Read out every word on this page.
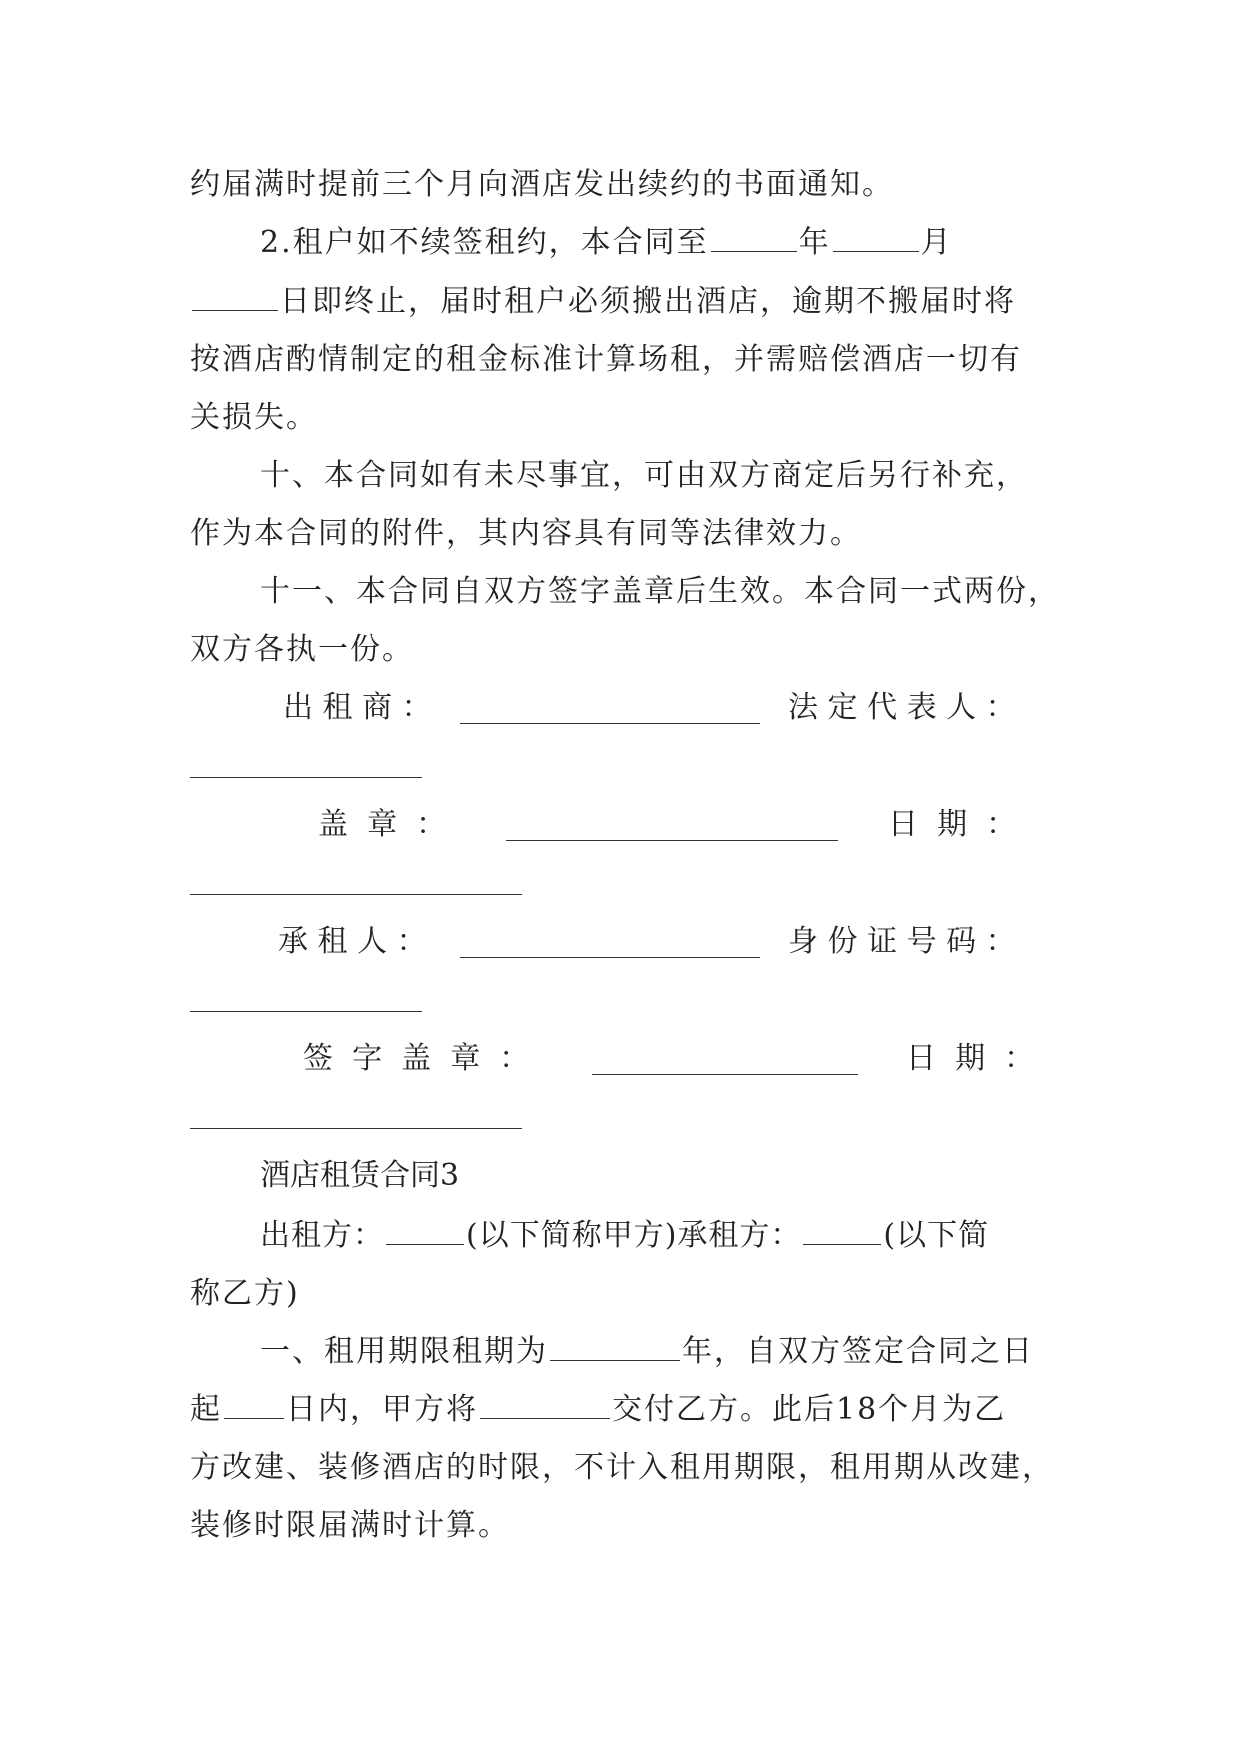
约届满时提前三个月向酒店发出续约的书面通知。

2.租户如不续签租约，本合同至	年	月

日即终止，届时租户必须搬出酒店，逾期不搬届时将

按酒店酌情制定的租金标准计算场租，并需赔偿酒店一切有

关损失。

十、本合同如有未尽事宜，可由双方商定后另行补充，

作为本合同的附件，其内容具有同等法律效力。

十一、本合同自双方签字盖章后生效。本合同一式两份，

双方各执一份。

出 租 商 ：	法 定 代 表 人 ：
盖  章  ：	日  期  ：
承 租 人 ：	身 份 证 号 码 ：
签  字  盖  章  ：	日  期  ：

酒店租赁合同3

出租方：	(以下简称甲方)承租方：	(以下简

称乙方)

一、租用期限租期为	年，自双方签定合同之日

起 日内，甲方将	交付乙方。此后18个月为乙

方改建、装修酒店的时限，不计入租用期限，租用期从改建，

装修时限届满时计算。
